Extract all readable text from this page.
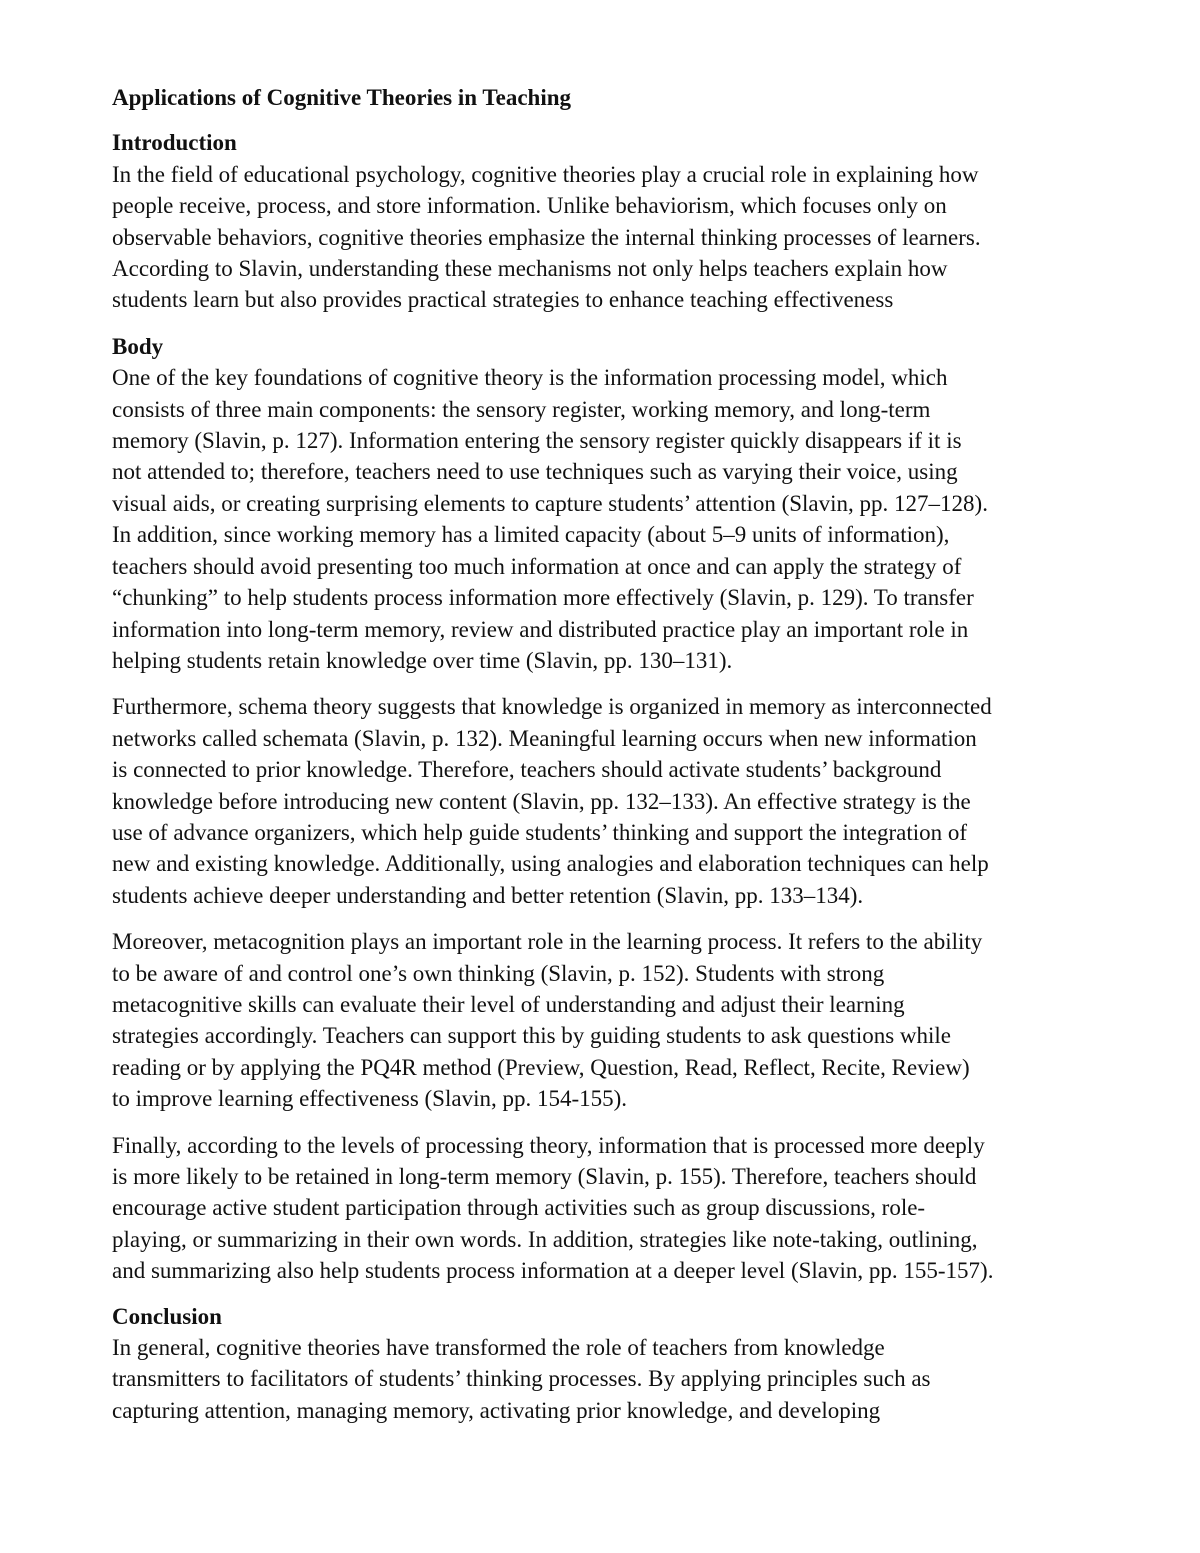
Applications of Cognitive Theories in Teaching
Introduction

In the field of educational psychology, cognitive theories play a crucial role in explaining how
people receive, process, and store information. Unlike behaviorism, which focuses only on
observable behaviors, cognitive theories emphasize the internal thinking processes of learners.
According to Slavin, understanding these mechanisms not only helps teachers explain how
students learn but also provides practical strategies to enhance teaching effectiveness

Body

One of the key foundations of cognitive theory is the information processing model, which
consists of three main components: the sensory register, working memory, and long-term
memory (Slavin, p. 127). Information entering the sensory register quickly disappears if it is
not attended to; therefore, teachers need to use techniques such as varying their voice, using
visual aids, or creating surprising elements to capture students’ attention (Slavin, pp. 127–128).
In addition, since working memory has a limited capacity (about 5–9 units of information),
teachers should avoid presenting too much information at once and can apply the strategy of
“chunking” to help students process information more effectively (Slavin, p. 129). To transfer
information into long-term memory, review and distributed practice play an important role in
helping students retain knowledge over time (Slavin, pp. 130–131).

Furthermore, schema theory suggests that knowledge is organized in memory as interconnected
networks called schemata (Slavin, p. 132). Meaningful learning occurs when new information
is connected to prior knowledge. Therefore, teachers should activate students’ background
knowledge before introducing new content (Slavin, pp. 132–133). An effective strategy is the
use of advance organizers, which help guide students’ thinking and support the integration of
new and existing knowledge. Additionally, using analogies and elaboration techniques can help
students achieve deeper understanding and better retention (Slavin, pp. 133–134).

Moreover, metacognition plays an important role in the learning process. It refers to the ability
to be aware of and control one’s own thinking (Slavin, p. 152). Students with strong
metacognitive skills can evaluate their level of understanding and adjust their learning
strategies accordingly. Teachers can support this by guiding students to ask questions while
reading or by applying the PQ4R method (Preview, Question, Read, Reflect, Recite, Review)
to improve learning effectiveness (Slavin, pp. 154-155).

Finally, according to the levels of processing theory, information that is processed more deeply
is more likely to be retained in long-term memory (Slavin, p. 155). Therefore, teachers should
encourage active student participation through activities such as group discussions, role-
playing, or summarizing in their own words. In addition, strategies like note-taking, outlining,
and summarizing also help students process information at a deeper level (Slavin, pp. 155-157).

Conclusion

In general, cognitive theories have transformed the role of teachers from knowledge
transmitters to facilitators of students’ thinking processes. By applying principles such as
capturing attention, managing memory, activating prior knowledge, and developing
